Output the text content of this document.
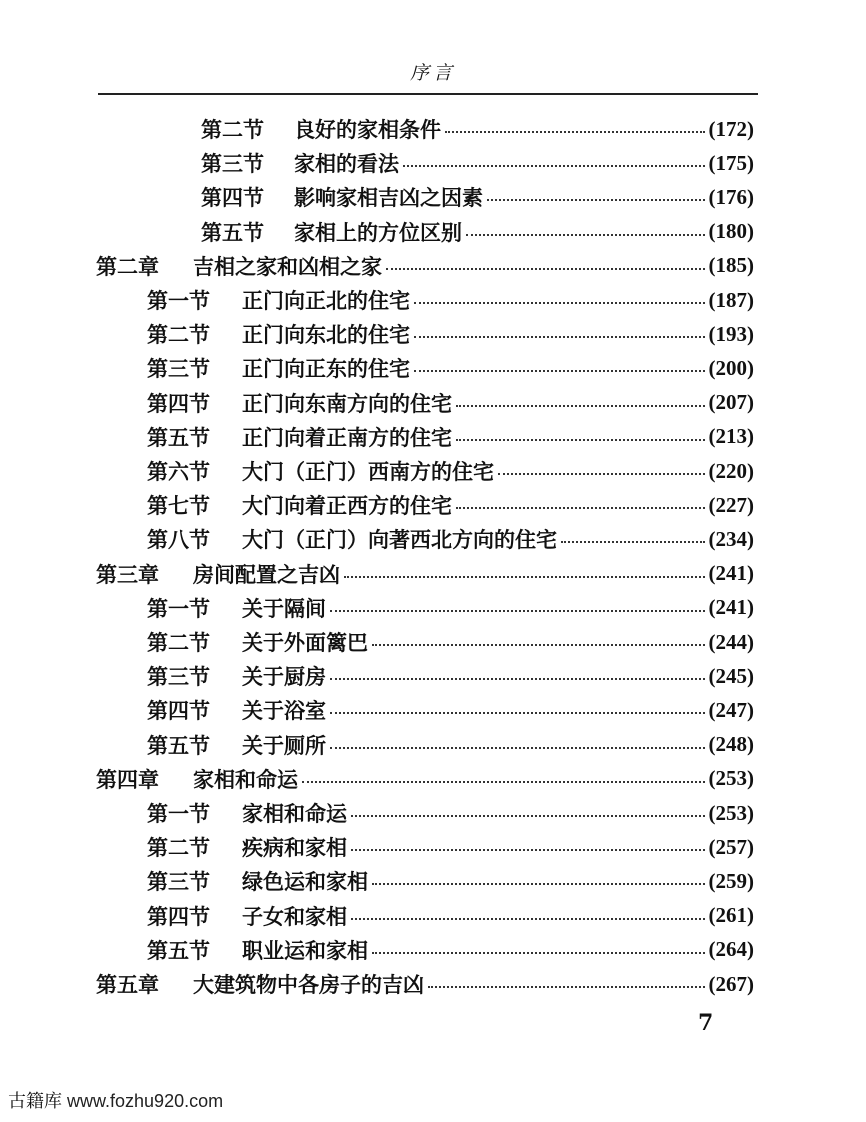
序言
第二节 良好的家相条件	(172)
第三节 家相的看法	(175)
第四节 影响家相吉凶之因素	(176)
第五节 家相上的方位区别	(180)
第二章 吉相之家和凶相之家	(185)
第一节 正门向正北的住宅	(187)
第二节 正门向东北的住宅	(193)
第三节 正门向正东的住宅	(200)
第四节 正门向东南方向的住宅	(207)
第五节 正门向着正南方的住宅	(213)
第六节 大门（正门）西南方的住宅	(220)
第七节 大门向着正西方的住宅	(227)
第八节 大门（正门）向著西北方向的住宅	(234)
第三章 房间配置之吉凶	(241)
第一节 关于隔间	(241)
第二节 关于外面篱巴	(244)
第三节 关于厨房	(245)
第四节 关于浴室	(247)
第五节 关于厕所	(248)
第四章 家相和命运	(253)
第一节 家相和命运	(253)
第二节 疾病和家相	(257)
第三节 绿色运和家相	(259)
第四节 子女和家相	(261)
第五节 职业运和家相	(264)
第五章 大建筑物中各房子的吉凶	(267)
7
古籍库 www.fozhu920.com
